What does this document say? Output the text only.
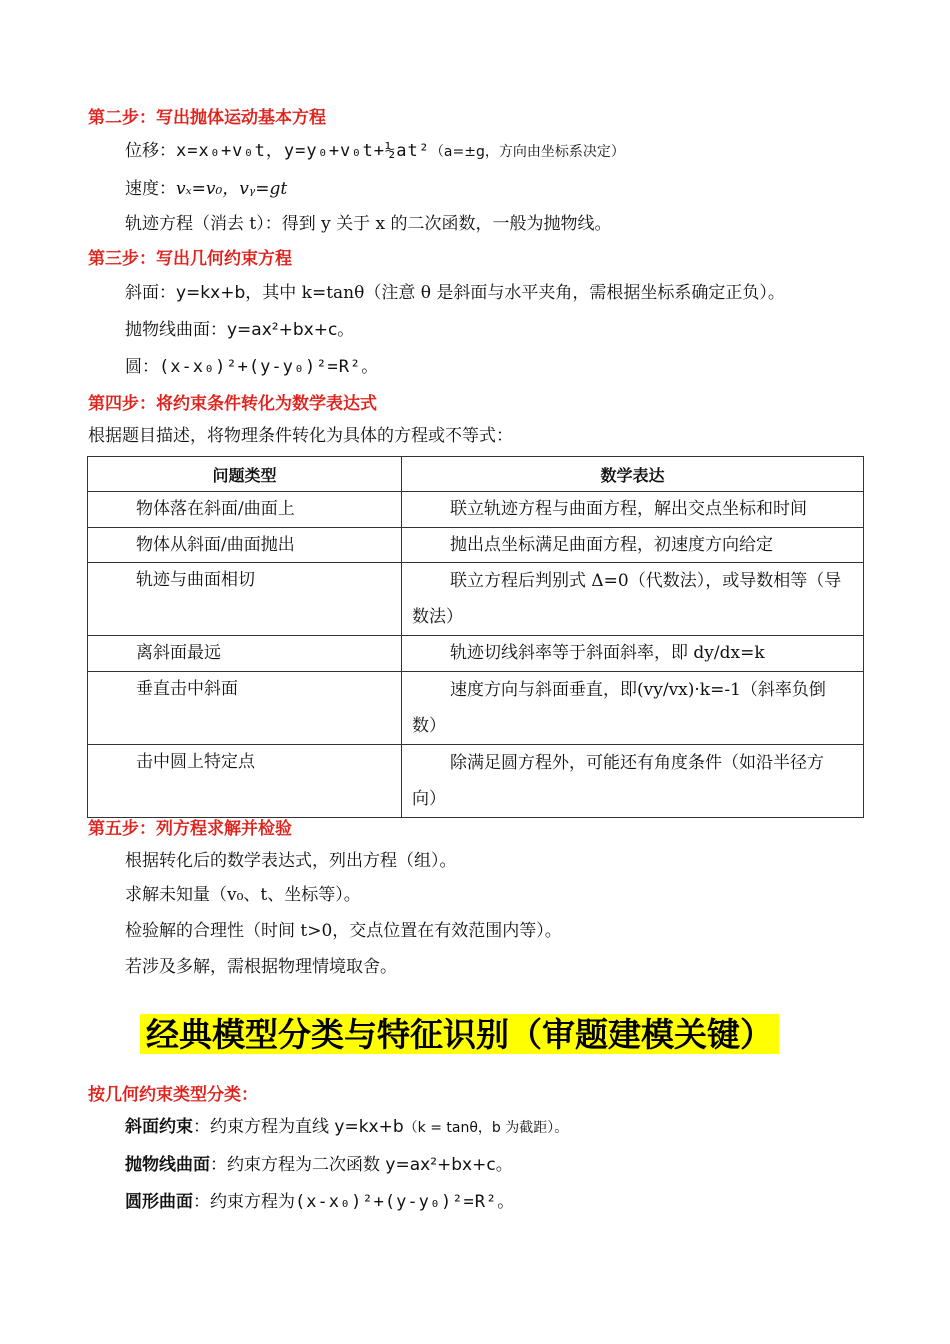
第二步：写出抛体运动基本方程
位移：x=x₀+v₀t，y=y₀+v₀t+½at²（a=±g，方向由坐标系决定）
速度：vₓ=v₀，vᵧ=gt
轨迹方程（消去 t）：得到 y 关于 x 的二次函数，一般为抛物线。
第三步：写出几何约束方程
斜面：y=kx+b，其中 k=tanθ（注意 θ 是斜面与水平夹角，需根据坐标系确定正负）。
抛物线曲面：y=ax²+bx+c。
圆：(x-x₀)²+(y-y₀)²=R²。
第四步：将约束条件转化为数学表达式
根据题目描述，将物理条件转化为具体的方程或不等式：
问题类型	数学表达
物体落在斜面/曲面上	联立轨迹方程与曲面方程，解出交点坐标和时间
物体从斜面/曲面抛出	抛出点坐标满足曲面方程，初速度方向给定
轨迹与曲面相切	联立方程后判别式 Δ=0（代数法），或导数相等（导数法）
离斜面最远	轨迹切线斜率等于斜面斜率，即 dy/dx=k
垂直击中斜面	速度方向与斜面垂直，即(vy/vx)·k=-1（斜率负倒数）
击中圆上特定点	除满足圆方程外，可能还有角度条件（如沿半径方向）
第五步：列方程求解并检验
根据转化后的数学表达式，列出方程（组）。
求解未知量（v₀、t、坐标等）。
检验解的合理性（时间 t>0，交点位置在有效范围内等）。
若涉及多解，需根据物理情境取舍。
经典模型分类与特征识别（审题建模关键）
按几何约束类型分类：
斜面约束：约束方程为直线 y=kx+b（k = tanθ，b 为截距）。
抛物线曲面：约束方程为二次函数 y=ax²+bx+c。
圆形曲面：约束方程为(x-x₀)²+(y-y₀)²=R²。
